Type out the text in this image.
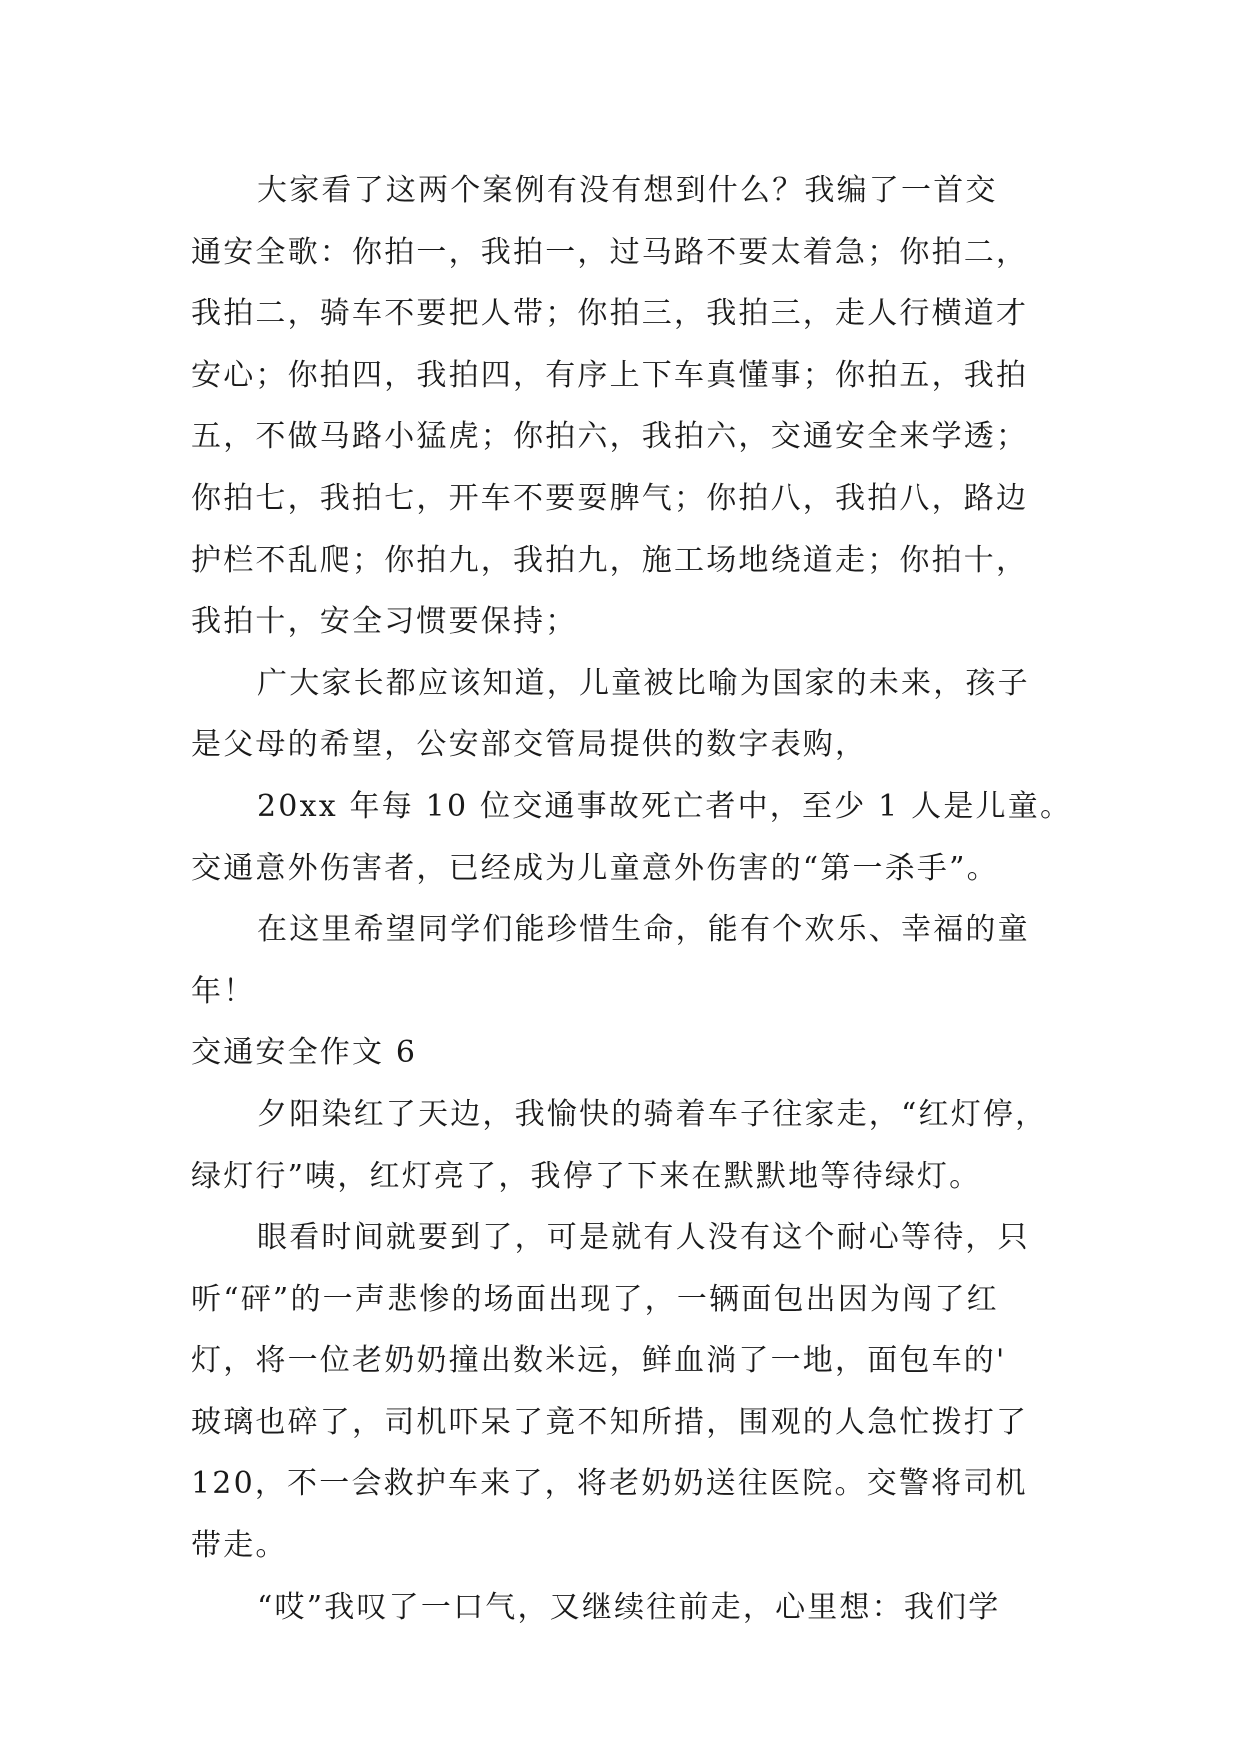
大家看了这两个案例有没有想到什么？我编了一首交
通安全歌：你拍一，我拍一，过马路不要太着急；你拍二，
我拍二，骑车不要把人带；你拍三，我拍三，走人行横道才
安心；你拍四，我拍四，有序上下车真懂事；你拍五，我拍
五，不做马路小猛虎；你拍六，我拍六，交通安全来学透；
你拍七，我拍七，开车不要耍脾气；你拍八，我拍八，路边
护栏不乱爬；你拍九，我拍九，施工场地绕道走；你拍十，
我拍十，安全习惯要保持；
广大家长都应该知道，儿童被比喻为国家的未来，孩子
是父母的希望，公安部交管局提供的数字表购，
20xx 年每 10 位交通事故死亡者中，至少 1 人是儿童。
交通意外伤害者，已经成为儿童意外伤害的“第一杀手”。
在这里希望同学们能珍惜生命，能有个欢乐、幸福的童
年！
交通安全作文 6
夕阳染红了天边，我愉快的骑着车子往家走，“红灯停，
绿灯行”咦，红灯亮了，我停了下来在默默地等待绿灯。
眼看时间就要到了，可是就有人没有这个耐心等待，只
听“砰”的一声悲惨的场面出现了，一辆面包出因为闯了红
灯，将一位老奶奶撞出数米远，鲜血淌了一地，面包车的'
玻璃也碎了，司机吓呆了竟不知所措，围观的人急忙拨打了
120，不一会救护车来了，将老奶奶送往医院。交警将司机
带走。
“哎”我叹了一口气，又继续往前走，心里想：我们学
